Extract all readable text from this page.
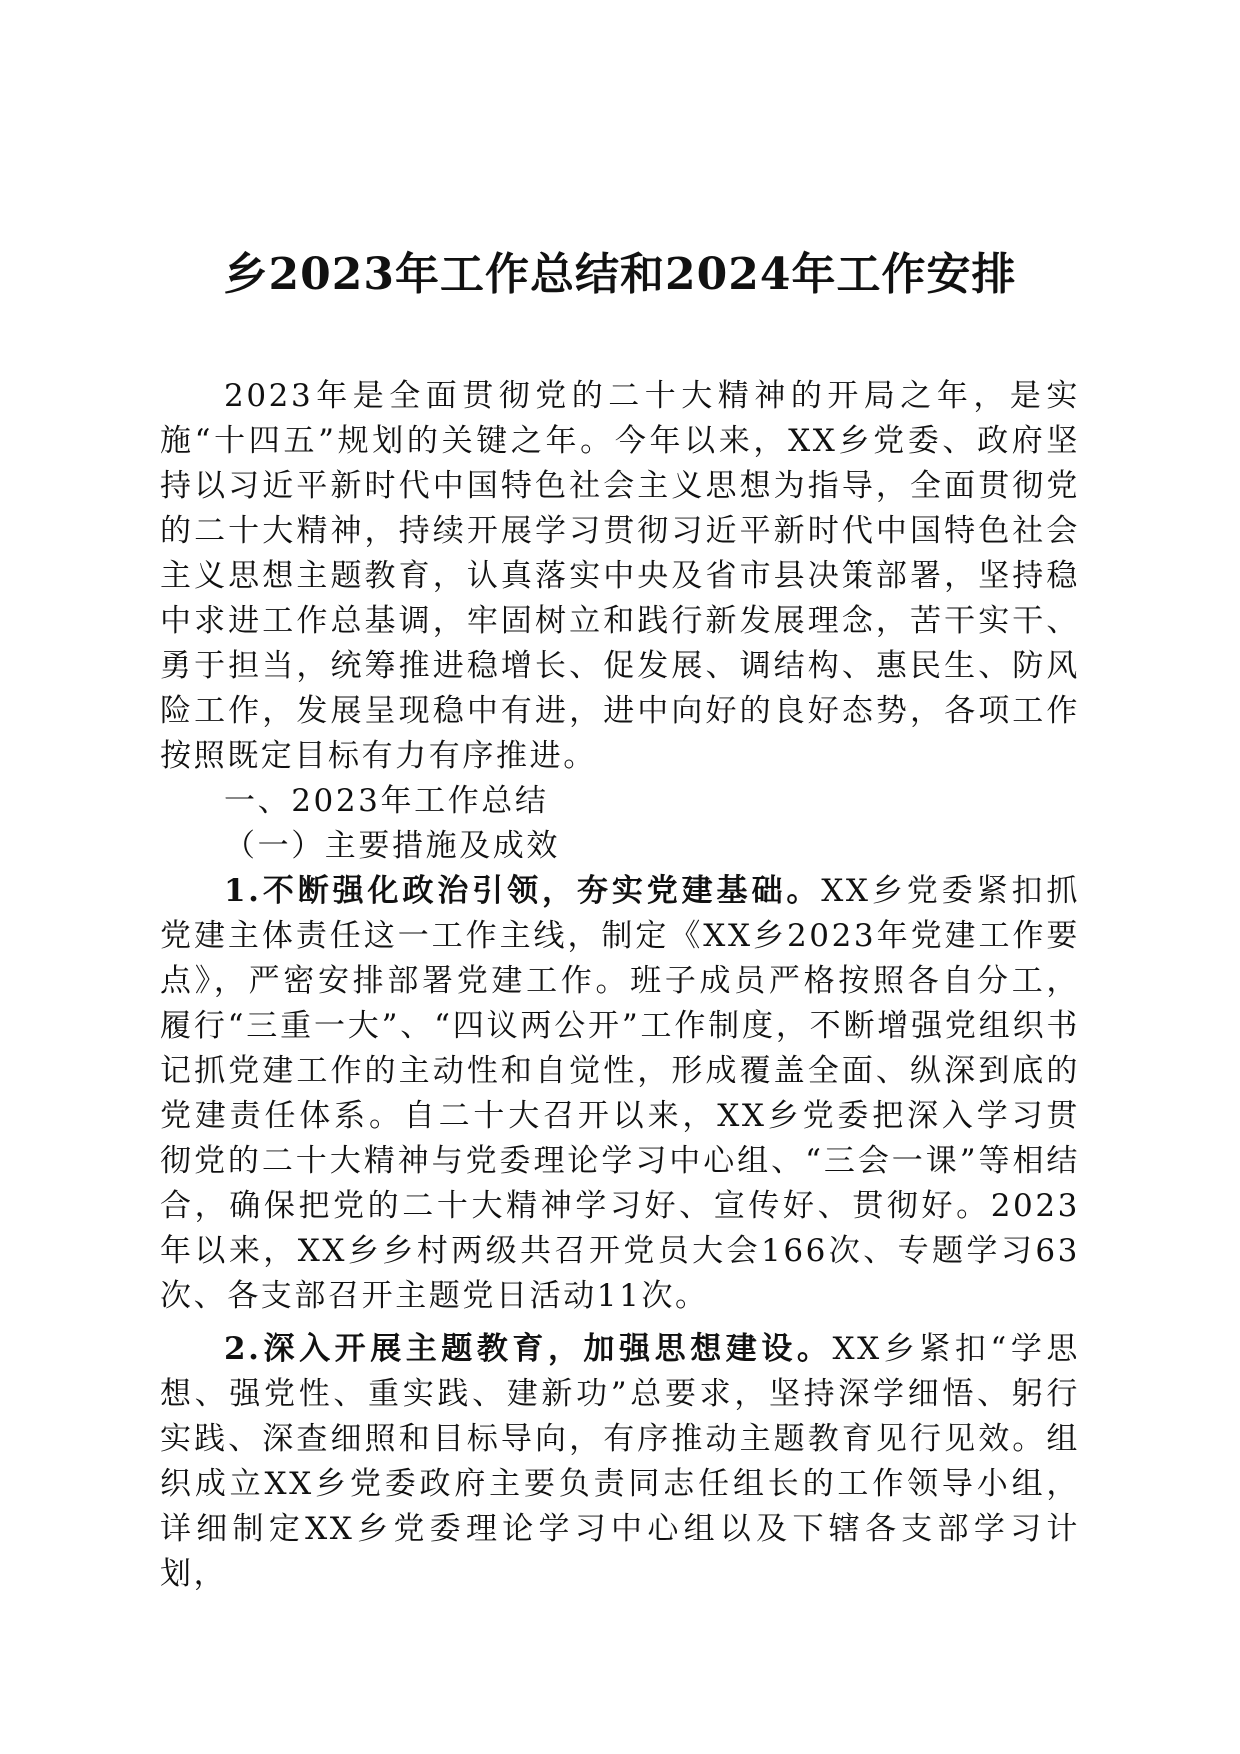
乡2023年工作总结和2024年工作安排

2023年是全面贯彻党的二十大精神的开局之年，是实施“十四五”规划的关键之年。今年以来，XX乡党委、政府坚持以习近平新时代中国特色社会主义思想为指导，全面贯彻党的二十大精神，持续开展学习贯彻习近平新时代中国特色社会主义思想主题教育，认真落实中央及省市县决策部署，坚持稳中求进工作总基调，牢固树立和践行新发展理念，苦干实干、勇于担当，统筹推进稳增长、促发展、调结构、惠民生、防风险工作，发展呈现稳中有进，进中向好的良好态势，各项工作按照既定目标有力有序推进。

一、2023年工作总结

（一）主要措施及成效

1.不断强化政治引领，夯实党建基础。XX乡党委紧扣抓党建主体责任这一工作主线，制定《XX乡2023年党建工作要点》，严密安排部署党建工作。班子成员严格按照各自分工，履行“三重一大”、“四议两公开”工作制度，不断增强党组织书记抓党建工作的主动性和自觉性，形成覆盖全面、纵深到底的党建责任体系。自二十大召开以来，XX乡党委把深入学习贯彻党的二十大精神与党委理论学习中心组、“三会一课”等相结合，确保把党的二十大精神学习好、宣传好、贯彻好。2023年以来，XX乡乡村两级共召开党员大会166次、专题学习63次、各支部召开主题党日活动11次。

2.深入开展主题教育，加强思想建设。XX乡紧扣“学思想、强党性、重实践、建新功”总要求，坚持深学细悟、躬行实践、深查细照和目标导向，有序推动主题教育见行见效。组织成立XX乡党委政府主要负责同志任组长的工作领导小组，详细制定XX乡党委理论学习中心组以及下辖各支部学习计划，
